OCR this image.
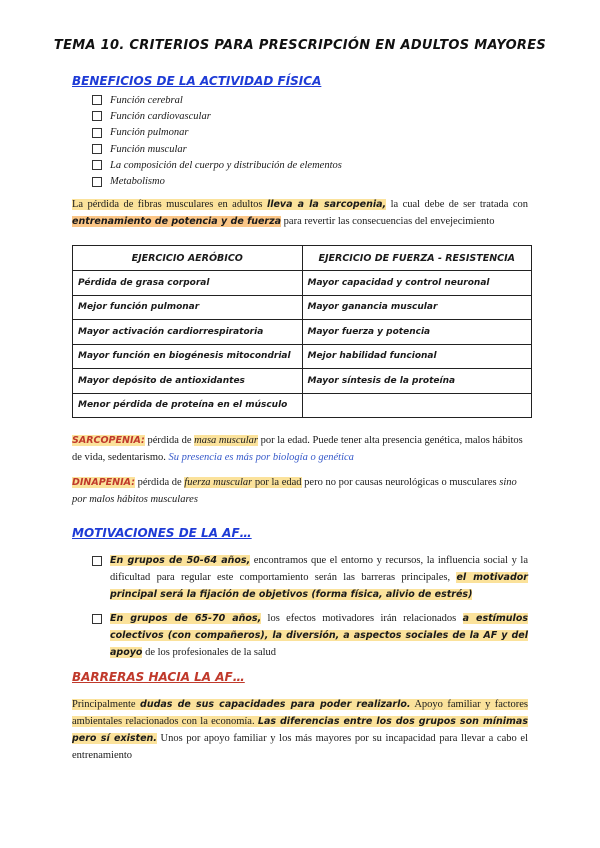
TEMA 10. CRITERIOS PARA PRESCRIPCIÓN EN ADULTOS MAYORES
BENEFICIOS DE LA ACTIVIDAD FÍSICA
Función cerebral
Función cardiovascular
Función pulmonar
Función muscular
La composición del cuerpo y distribución de elementos
Metabolismo
La pérdida de fibras musculares en adultos lleva a la sarcopenia, la cual debe de ser tratada con entrenamiento de potencia y de fuerza para revertir las consecuencias del envejecimiento
EJERCICIO AERÓBICO	EJERCICIO DE FUERZA - RESISTENCIA
Pérdida de grasa corporal	Mayor capacidad y control neuronal
Mejor función pulmonar	Mayor ganancia muscular
Mayor activación cardiorrespiratoria	Mayor fuerza y potencia
Mayor función en biogénesis mitocondrial	Mejor habilidad funcional
Mayor depósito de antioxidantes	Mayor síntesis de la proteína
Menor pérdida de proteína en el músculo	
SARCOPENIA: pérdida de masa muscular por la edad. Puede tener alta presencia genética, malos hábitos de vida, sedentarismo. Su presencia es más por biología o genética
DINAPENIA: pérdida de fuerza muscular por la edad pero no por causas neurológicas o musculares sino por malos hábitos musculares
MOTIVACIONES DE LA AF…
En grupos de 50-64 años, encontramos que el entorno y recursos, la influencia social y la dificultad para regular este comportamiento serán las barreras principales, el motivador principal será la fijación de objetivos (forma física, alivio de estrés)
En grupos de 65-70 años, los efectos motivadores irán relacionados a estímulos colectivos (con compañeros), la diversión, a aspectos sociales de la AF y del apoyo de los profesionales de la salud
BARRERAS HACIA LA AF…
Principalmente dudas de sus capacidades para poder realizarlo. Apoyo familiar y factores ambientales relacionados con la economía. Las diferencias entre los dos grupos son mínimas pero sí existen. Unos por apoyo familiar y los más mayores por su incapacidad para llevar a cabo el entrenamiento
